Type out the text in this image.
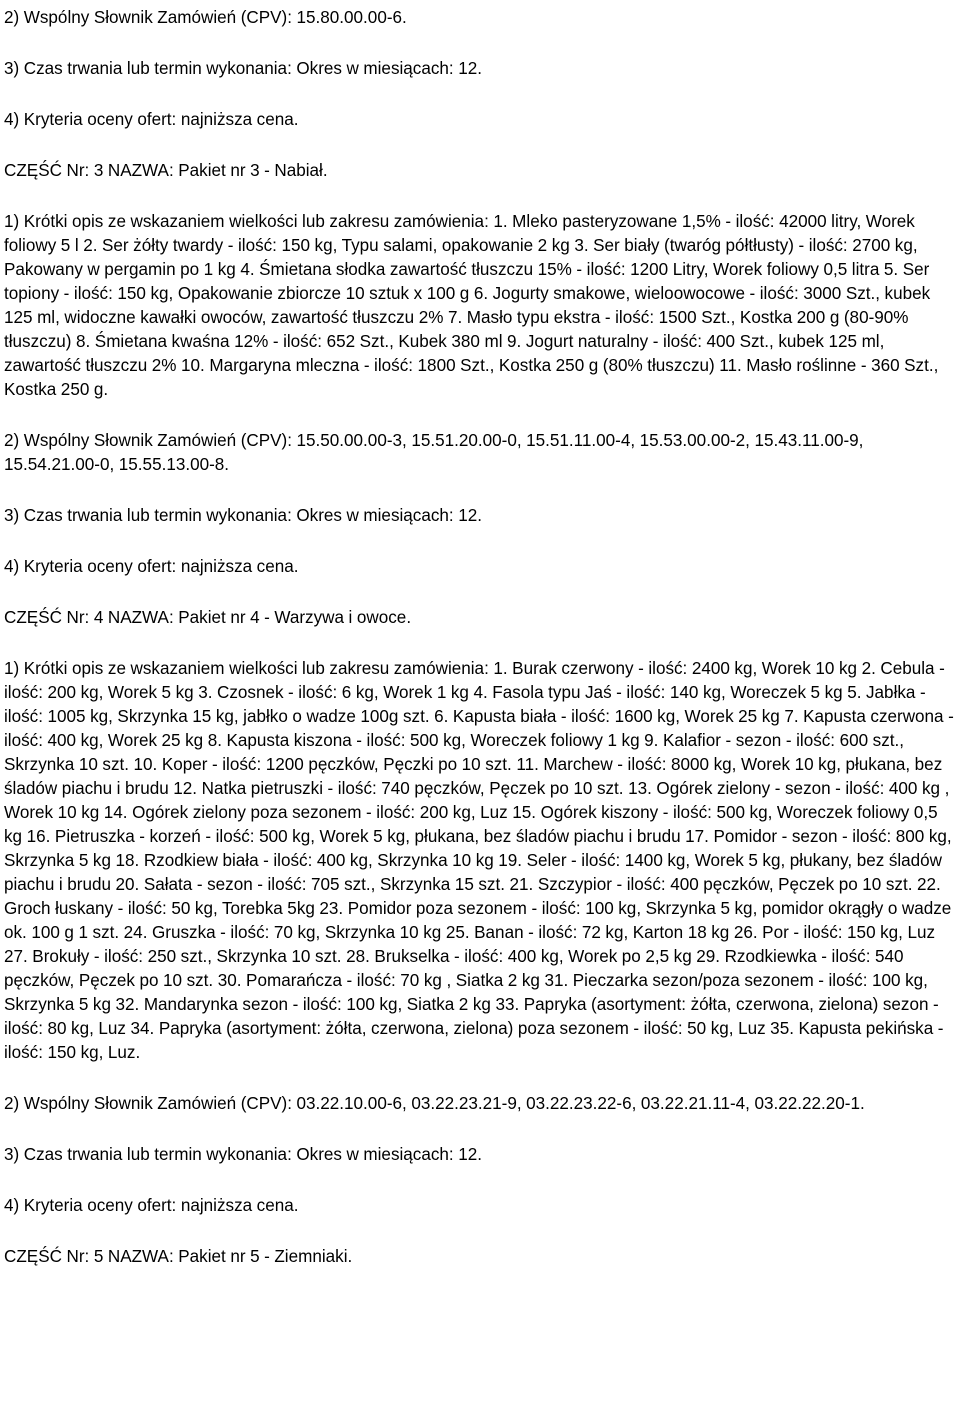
2) Wspólny Słownik Zamówień (CPV): 15.80.00.00-6.

3) Czas trwania lub termin wykonania: Okres w miesiącach: 12.

4) Kryteria oceny ofert: najniższa cena.

CZĘŚĆ Nr: 3 NAZWA: Pakiet nr 3 - Nabiał.

1) Krótki opis ze wskazaniem wielkości lub zakresu zamówienia: 1. Mleko pasteryzowane 1,5% - ilość: 42000 litry, Worek foliowy 5 l 2. Ser żółty twardy - ilość: 150 kg, Typu salami, opakowanie 2 kg 3. Ser biały (twaróg półtłusty) - ilość: 2700 kg, Pakowany w pergamin po 1 kg 4. Śmietana słodka zawartość tłuszczu 15% - ilość: 1200 Litry, Worek foliowy 0,5 litra 5. Ser topiony - ilość: 150 kg, Opakowanie zbiorcze 10 sztuk x 100 g 6. Jogurty smakowe, wieloowocowe - ilość: 3000 Szt., kubek 125 ml, widoczne kawałki owoców, zawartość tłuszczu 2% 7. Masło typu ekstra - ilość: 1500 Szt., Kostka 200 g (80-90% tłuszczu) 8. Śmietana kwaśna 12% - ilość: 652 Szt., Kubek 380 ml 9. Jogurt naturalny - ilość: 400 Szt., kubek 125 ml, zawartość tłuszczu 2% 10. Margaryna mleczna - ilość: 1800 Szt., Kostka 250 g (80% tłuszczu) 11. Masło roślinne - 360 Szt., Kostka 250 g.

2) Wspólny Słownik Zamówień (CPV): 15.50.00.00-3, 15.51.20.00-0, 15.51.11.00-4, 15.53.00.00-2, 15.43.11.00-9, 15.54.21.00-0, 15.55.13.00-8.

3) Czas trwania lub termin wykonania: Okres w miesiącach: 12.

4) Kryteria oceny ofert: najniższa cena.

CZĘŚĆ Nr: 4 NAZWA: Pakiet nr 4 - Warzywa i owoce.

1) Krótki opis ze wskazaniem wielkości lub zakresu zamówienia: 1. Burak czerwony - ilość: 2400 kg, Worek 10 kg 2. Cebula - ilość: 200 kg, Worek 5 kg 3. Czosnek - ilość: 6 kg, Worek 1 kg 4. Fasola typu Jaś - ilość: 140 kg, Woreczek 5 kg 5. Jabłka - ilość: 1005 kg, Skrzynka 15 kg, jabłko o wadze 100g szt. 6. Kapusta biała - ilość: 1600 kg, Worek 25 kg 7. Kapusta czerwona - ilość: 400 kg, Worek 25 kg 8. Kapusta kiszona - ilość: 500 kg, Woreczek foliowy 1 kg 9. Kalafior - sezon - ilość: 600 szt., Skrzynka 10 szt. 10. Koper - ilość: 1200 pęczków, Pęczki po 10 szt. 11. Marchew - ilość: 8000 kg, Worek 10 kg, płukana, bez śladów piachu i brudu 12. Natka pietruszki - ilość: 740 pęczków, Pęczek po 10 szt. 13. Ogórek zielony - sezon - ilość: 400 kg , Worek 10 kg 14. Ogórek zielony poza sezonem - ilość: 200 kg, Luz 15. Ogórek kiszony - ilość: 500 kg, Woreczek foliowy 0,5 kg 16. Pietruszka - korzeń - ilość: 500 kg, Worek 5 kg, płukana, bez śladów piachu i brudu 17. Pomidor - sezon - ilość: 800 kg, Skrzynka 5 kg 18. Rzodkiew biała - ilość: 400 kg, Skrzynka 10 kg 19. Seler - ilość: 1400 kg, Worek 5 kg, płukany, bez śladów piachu i brudu 20. Sałata - sezon - ilość: 705 szt., Skrzynka 15 szt. 21. Szczypior - ilość: 400 pęczków, Pęczek po 10 szt. 22. Groch łuskany - ilość: 50 kg, Torebka 5kg 23. Pomidor poza sezonem - ilość: 100 kg, Skrzynka 5 kg, pomidor okrągły o wadze ok. 100 g 1 szt. 24. Gruszka - ilość: 70 kg, Skrzynka 10 kg 25. Banan - ilość: 72 kg, Karton 18 kg 26. Por - ilość: 150 kg, Luz 27. Brokuły - ilość: 250 szt., Skrzynka 10 szt. 28. Brukselka - ilość: 400 kg, Worek po 2,5 kg 29. Rzodkiewka - ilość: 540 pęczków, Pęczek po 10 szt. 30. Pomarańcza - ilość: 70 kg , Siatka 2 kg 31. Pieczarka sezon/poza sezonem - ilość: 100 kg, Skrzynka 5 kg 32. Mandarynka sezon - ilość: 100 kg, Siatka 2 kg 33. Papryka (asortyment: żółta, czerwona, zielona) sezon - ilość: 80 kg, Luz 34. Papryka (asortyment: żółta, czerwona, zielona) poza sezonem - ilość: 50 kg, Luz 35. Kapusta pekińska - ilość: 150 kg, Luz.

2) Wspólny Słownik Zamówień (CPV): 03.22.10.00-6, 03.22.23.21-9, 03.22.23.22-6, 03.22.21.11-4, 03.22.22.20-1.

3) Czas trwania lub termin wykonania: Okres w miesiącach: 12.

4) Kryteria oceny ofert: najniższa cena.

CZĘŚĆ Nr: 5 NAZWA: Pakiet nr 5 - Ziemniaki.
